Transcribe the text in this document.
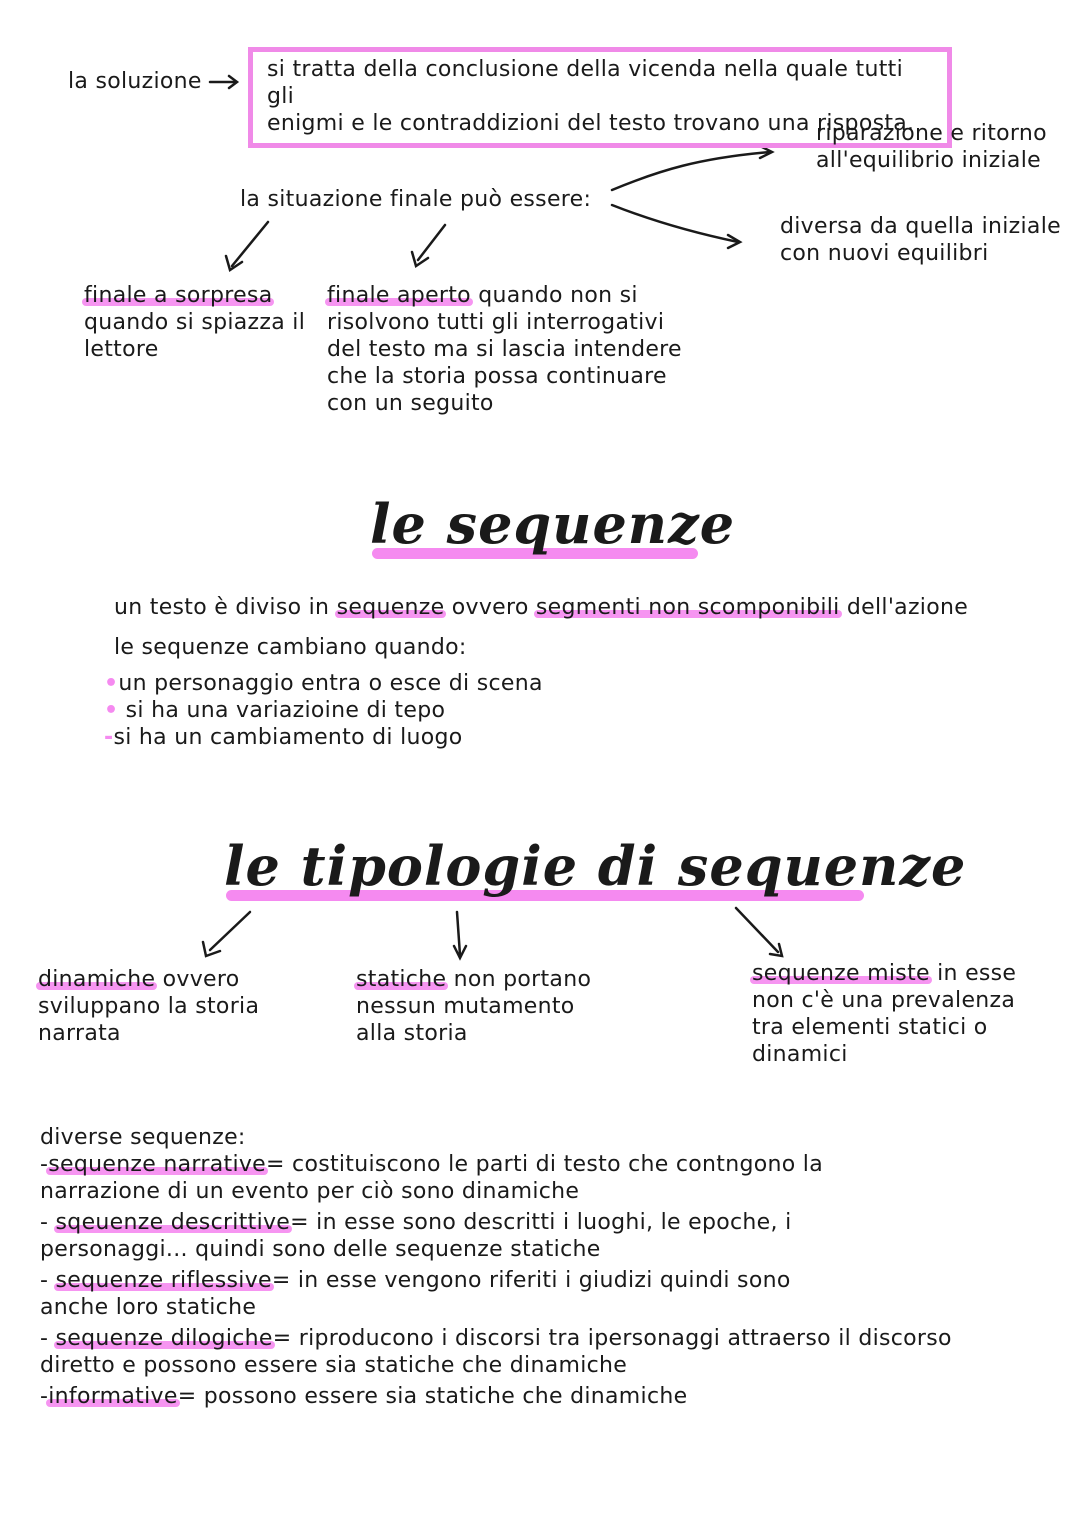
la soluzione	si tratta della conclusione della vicenda nella quale tutti gli
enigmi e le contraddizioni del testo trovano una risposta.
riparazione e ritorno
all'equilibrio iniziale
la situazione finale può essere:
diversa da quella iniziale
con nuovi equilibri
finale a sorpresa
quando si spiazza il
lettore
finale aperto quando non si
risolvono tutti gli interrogativi
del testo ma si lascia intendere
che la storia possa continuare
con un seguito
le sequenze
un testo è diviso in sequenze ovvero segmenti non scomponibili dell'azione
le sequenze cambiano quando:
•un personaggio entra o esce di scena
• si ha una variazioine di tepo
-si ha un cambiamento di luogo
le tipologie di sequenze
dinamiche ovvero
sviluppano la storia
narrata
statiche non portano
nessun mutamento
alla storia
sequenze miste in esse
non c'è una prevalenza
tra elementi statici o
dinamici
diverse sequenze:
-sequenze narrative= costituiscono le parti di testo che contngono la
narrazione di un evento per ciò sono dinamiche
- sqeuenze descrittive= in esse sono descritti i luoghi, le epoche, i
personaggi... quindi sono delle sequenze statiche
- sequenze riflessive= in esse vengono riferiti i giudizi quindi sono
anche loro statiche
- sequenze dilogiche= riproducono i discorsi tra ipersonaggi attraerso il discorso
diretto e possono essere sia statiche che dinamiche
-informative= possono essere sia statiche che dinamiche
